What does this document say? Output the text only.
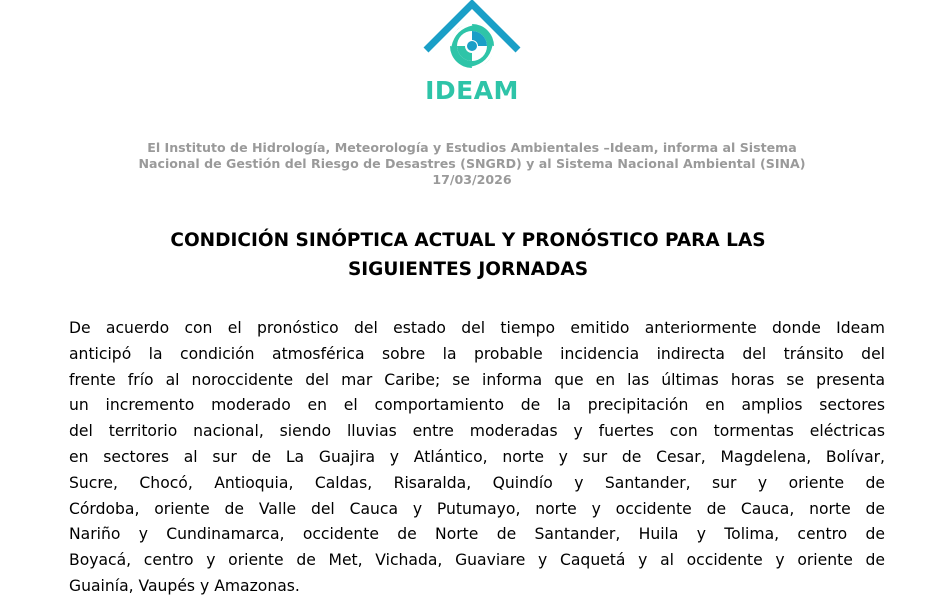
IDEAM
El Instituto de Hidrología, Meteorología y Estudios Ambientales –Ideam, informa al Sistema
Nacional de Gestión del Riesgo de Desastres (SNGRD) y al Sistema Nacional Ambiental (SINA)
17/03/2026
CONDICIÓN SINÓPTICA ACTUAL Y PRONÓSTICO PARA LAS
SIGUIENTES JORNADAS
De acuerdo con el pronóstico del estado del tiempo emitido anteriormente donde Ideam
anticipó la condición atmosférica sobre la probable incidencia indirecta del tránsito del
frente frío al noroccidente del mar Caribe; se informa que en las últimas horas se presenta
un incremento moderado en el comportamiento de la precipitación en amplios sectores
del territorio nacional, siendo lluvias entre moderadas y fuertes con tormentas eléctricas
en sectores al sur de La Guajira y Atlántico, norte y sur de Cesar, Magdelena, Bolívar,
Sucre, Chocó, Antioquia, Caldas, Risaralda, Quindío y Santander, sur y oriente de
Córdoba, oriente de Valle del Cauca y Putumayo, norte y occidente de Cauca, norte de
Nariño y Cundinamarca, occidente de Norte de Santander, Huila y Tolima, centro de
Boyacá, centro y oriente de Met, Vichada, Guaviare y Caquetá y al occidente y oriente de
Guainía, Vaupés y Amazonas.
